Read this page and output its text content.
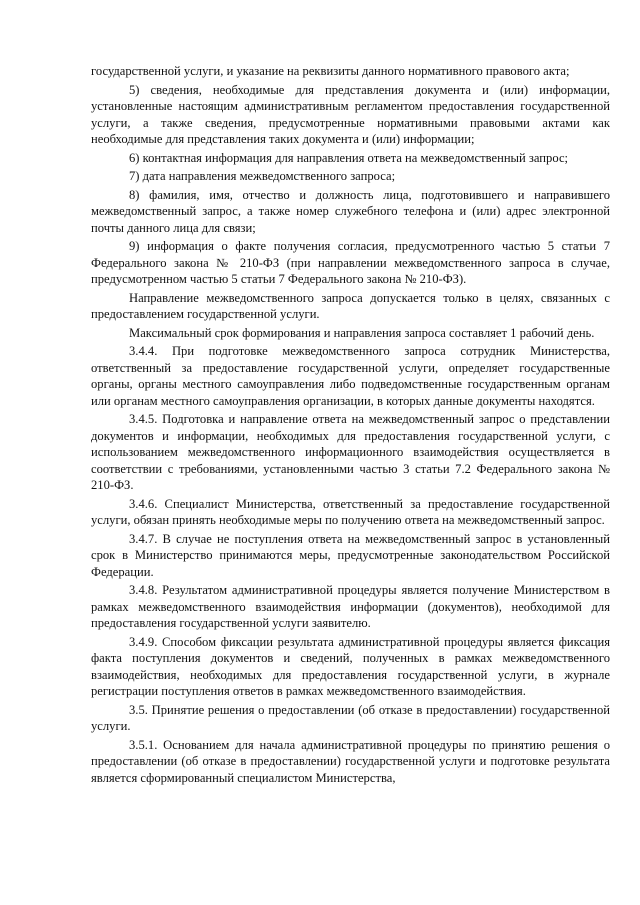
государственной услуги, и указание на реквизиты данного нормативного правового акта;

5) сведения, необходимые для представления документа и (или) информации, установленные настоящим административным регламентом предоставления государственной услуги, а также сведения, предусмотренные нормативными правовыми актами как необходимые для представления таких документа и (или) информации;

6) контактная информация для направления ответа на межведомственный запрос;

7) дата направления межведомственного запроса;

8) фамилия, имя, отчество и должность лица, подготовившего и направившего межведомственный запрос, а также номер служебного телефона и (или) адрес электронной почты данного лица для связи;

9) информация о факте получения согласия, предусмотренного частью 5 статьи 7 Федерального закона № 210-ФЗ (при направлении межведомственного запроса в случае, предусмотренном частью 5 статьи 7 Федерального закона № 210-ФЗ).

Направление межведомственного запроса допускается только в целях, связанных с предоставлением государственной услуги.

Максимальный срок формирования и направления запроса составляет 1 рабочий день.

3.4.4. При подготовке межведомственного запроса сотрудник Министерства, ответственный за предоставление государственной услуги, определяет государственные органы, органы местного самоуправления либо подведомственные государственным органам или органам местного самоуправления организации, в которых данные документы находятся.

3.4.5. Подготовка и направление ответа на межведомственный запрос о представлении документов и информации, необходимых для предоставления государственной услуги, с использованием межведомственного информационного взаимодействия осуществляется в соответствии с требованиями, установленными частью 3 статьи 7.2 Федерального закона № 210-ФЗ.

3.4.6. Специалист Министерства, ответственный за предоставление государственной услуги, обязан принять необходимые меры по получению ответа на межведомственный запрос.

3.4.7. В случае не поступления ответа на межведомственный запрос в установленный срок в Министерство принимаются меры, предусмотренные законодательством Российской Федерации.

3.4.8. Результатом административной процедуры является получение Министерством в рамках межведомственного взаимодействия информации (документов), необходимой для предоставления государственной услуги заявителю.

3.4.9. Способом фиксации результата административной процедуры является фиксация факта поступления документов и сведений, полученных в рамках межведомственного взаимодействия, необходимых для предоставления государственной услуги, в журнале регистрации поступления ответов в рамках межведомственного взаимодействия.

3.5. Принятие решения о предоставлении (об отказе в предоставлении) государственной услуги.

3.5.1. Основанием для начала административной процедуры по принятию решения о предоставлении (об отказе в предоставлении) государственной услуги и подготовке результата является сформированный специалистом Министерства,
